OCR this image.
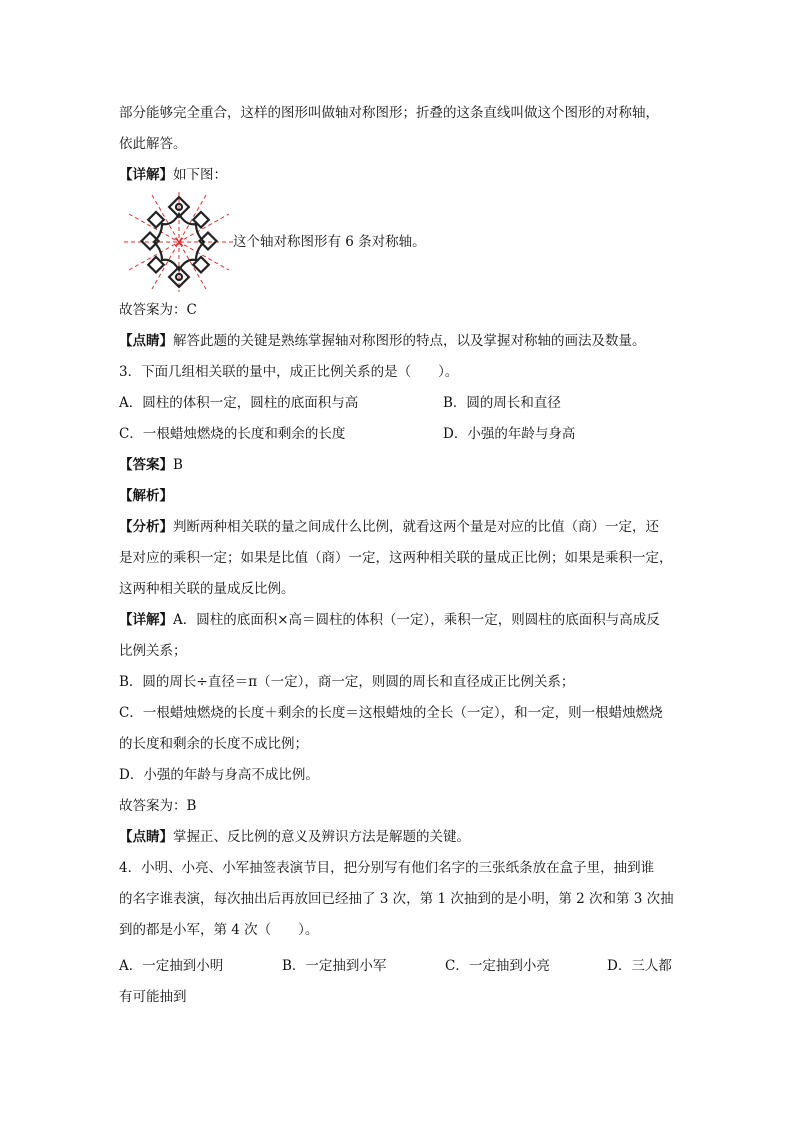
部分能够完全重合，这样的图形叫做轴对称图形；折叠的这条直线叫做这个图形的对称轴，
依此解答。
【详解】如下图：
这个轴对称图形有 6 条对称轴。
故答案为：C
【点睛】解答此题的关键是熟练掌握轴对称图形的特点，以及掌握对称轴的画法及数量。
3．下面几组相关联的量中，成正比例关系的是（　　）。
A．圆柱的体积一定，圆柱的底面积与高	B．圆的周长和直径
C．一根蜡烛燃烧的长度和剩余的长度	D．小强的年龄与身高
【答案】B
【解析】
【分析】判断两种相关联的量之间成什么比例，就看这两个量是对应的比值（商）一定，还
是对应的乘积一定；如果是比值（商）一定，这两种相关联的量成正比例；如果是乘积一定，
这两种相关联的量成反比例。
【详解】A．圆柱的底面积×高＝圆柱的体积（一定），乘积一定，则圆柱的底面积与高成反
比例关系；
B．圆的周长÷直径＝π（一定），商一定，则圆的周长和直径成正比例关系；
C．一根蜡烛燃烧的长度＋剩余的长度＝这根蜡烛的全长（一定），和一定，则一根蜡烛燃烧
的长度和剩余的长度不成比例；
D．小强的年龄与身高不成比例。
故答案为：B
【点睛】掌握正、反比例的意义及辨识方法是解题的关键。
4．小明、小亮、小军抽签表演节目，把分别写有他们名字的三张纸条放在盒子里，抽到谁
的名字谁表演，每次抽出后再放回已经抽了 3 次，第 1 次抽到的是小明，第 2 次和第 3 次抽
到的都是小军，第 4 次（　　）。
A．一定抽到小明	B．一定抽到小军	C．一定抽到小亮	D．三人都
有可能抽到
